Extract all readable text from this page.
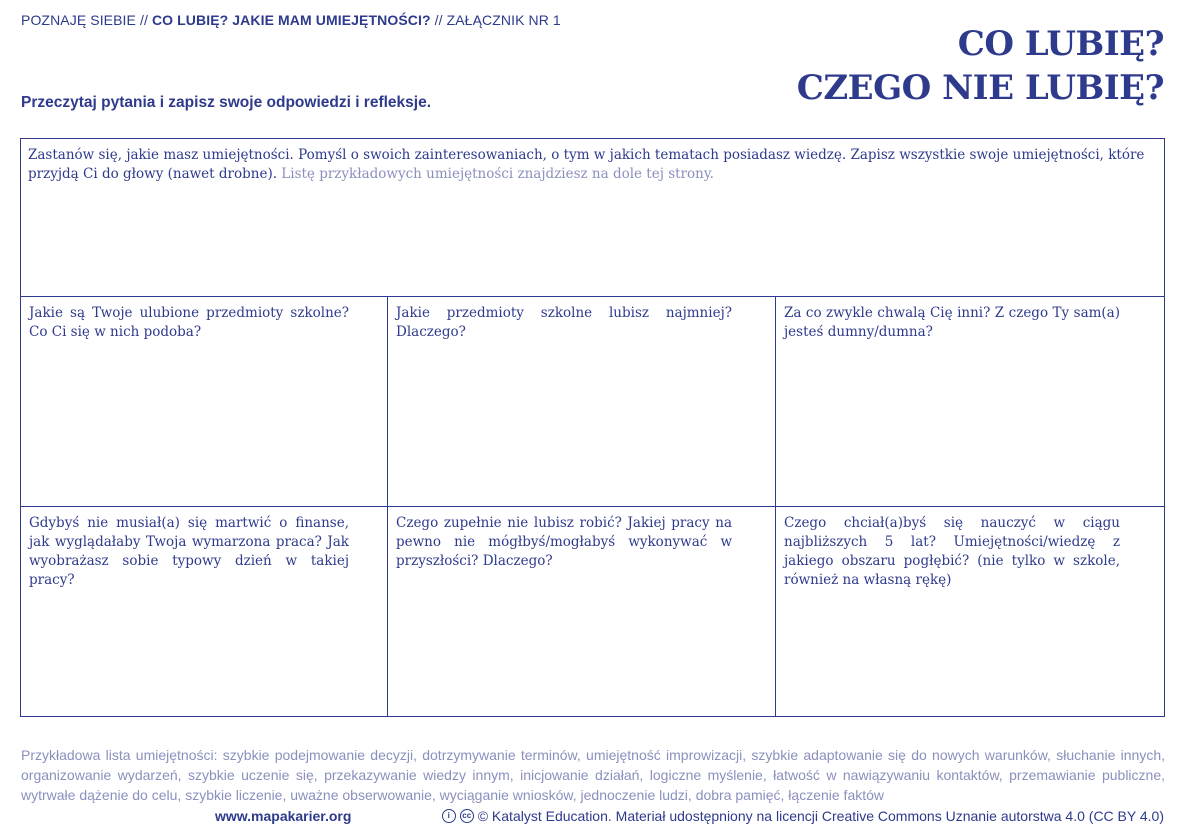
POZNAJĘ SIEBIE // CO LUBIĘ? JAKIE MAM UMIEJĘTNOŚCI? // ZAŁĄCZNIK NR 1
CO LUBIĘ?
CZEGO NIE LUBIĘ?
Przeczytaj pytania i zapisz swoje odpowiedzi i refleksje.
Zastanów się, jakie masz umiejętności. Pomyśl o swoich zainteresowaniach, o tym w jakich tematach posiadasz wiedzę. Zapisz wszystkie swoje umiejętności, które przyjdą Ci do głowy (nawet drobne). Listę przykładowych umiejętności znajdziesz na dole tej strony.
Jakie są Twoje ulubione przedmioty szkolne? Co Ci się w nich podoba?
Jakie przedmioty szkolne lubisz najmniej? Dlaczego?
Za co zwykle chwalą Cię inni? Z czego Ty sam(a) jesteś dumny/dumna?
Gdybyś nie musiał(a) się martwić o finanse, jak wyglądałaby Twoja wymarzona praca? Jak wyobrażasz sobie typowy dzień w takiej pracy?
Czego zupełnie nie lubisz robić? Jakiej pracy na pewno nie mógłbyś/mogłabyś wykonywać w przyszłości? Dlaczego?
Czego chciał(a)byś się nauczyć w ciągu najbliższych 5 lat? Umiejętności/wiedzę z jakiego obszaru pogłębić? (nie tylko w szkole, również na własną rękę)
Przykładowa lista umiejętności: szybkie podejmowanie decyzji, dotrzymywanie terminów, umiejętność improwizacji, szybkie adaptowanie się do nowych warunków, słuchanie innych, organizowanie wydarzeń, szybkie uczenie się, przekazywanie wiedzy innym, inicjowanie działań, logiczne myślenie, łatwość w nawiązywaniu kontaktów, przemawianie publiczne, wytrwałe dążenie do celu, szybkie liczenie, uważne obserwowanie, wyciąganie wniosków, jednoczenie ludzi, dobra pamięć, łączenie faktów
www.mapakarier.org	i	cc © Katalyst Education. Materiał udostępniony na licencji Creative Commons Uznanie autorstwa 4.0 (CC BY 4.0)
